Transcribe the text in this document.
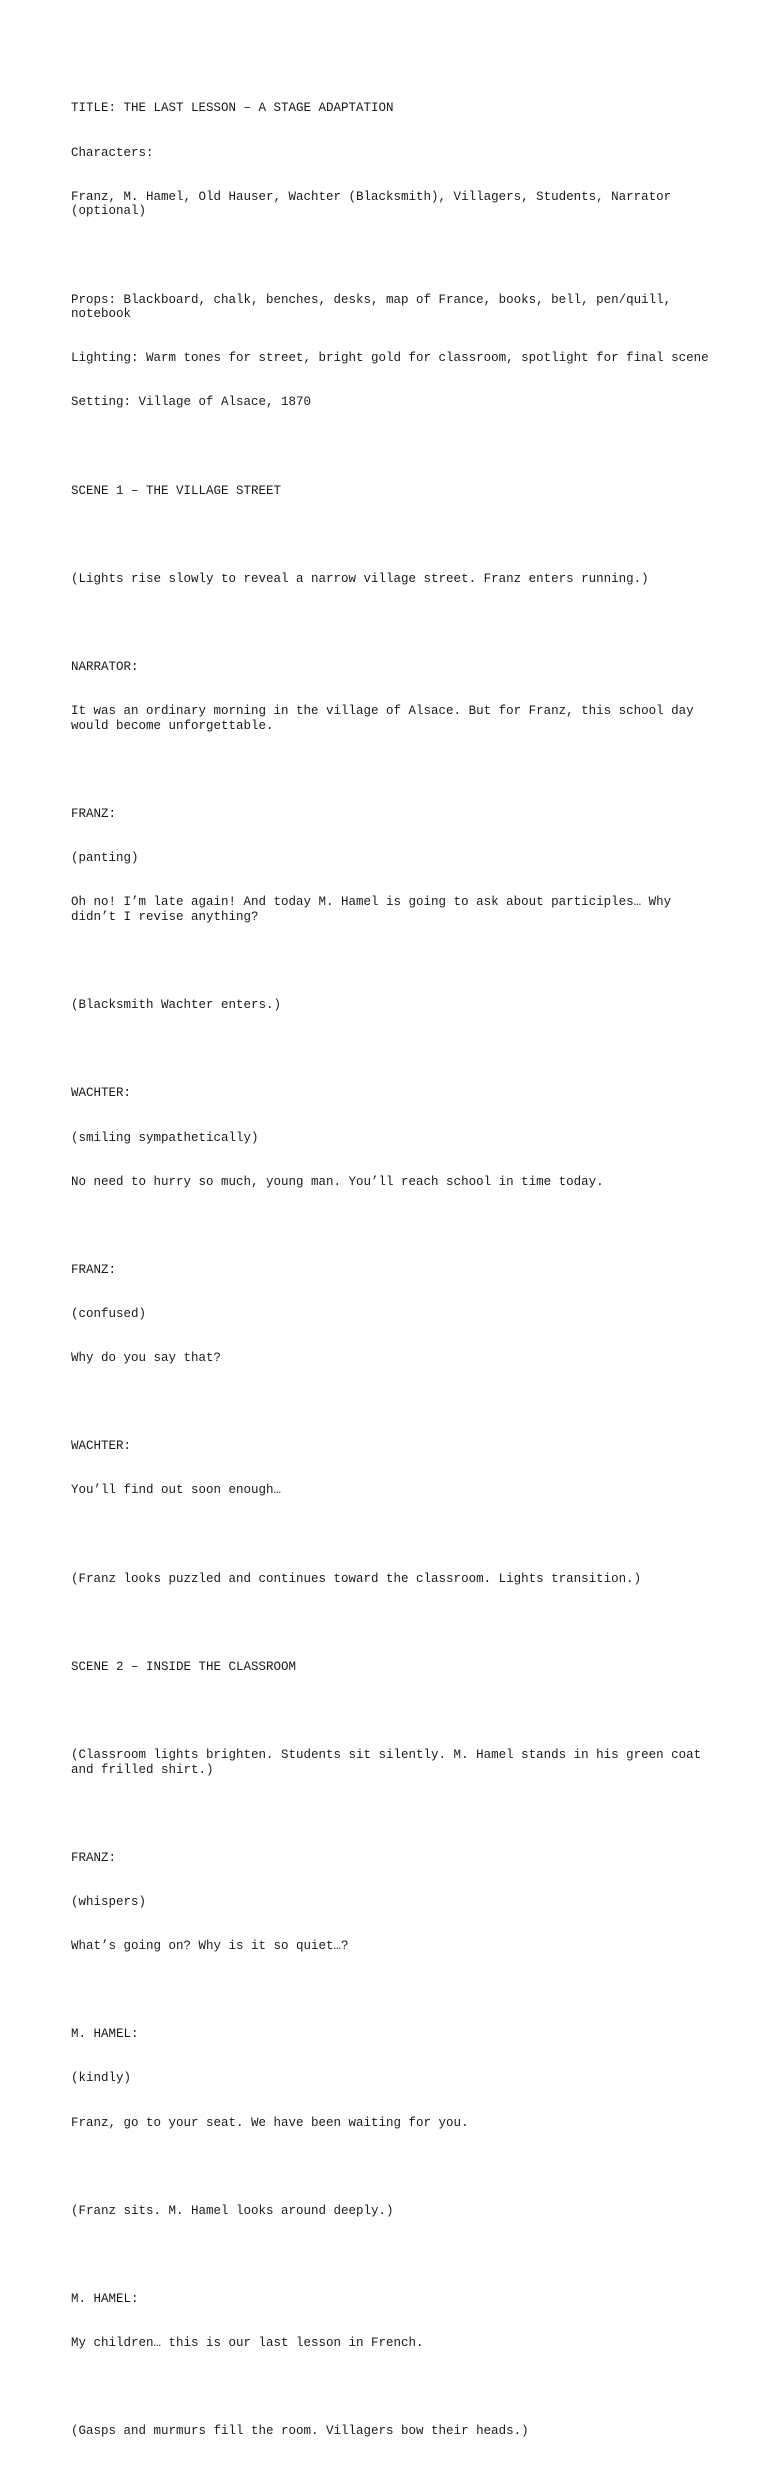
TITLE: THE LAST LESSON – A STAGE ADAPTATION

Characters:

Franz, M. Hamel, Old Hauser, Wachter (Blacksmith), Villagers, Students, Narrator (optional)

Props: Blackboard, chalk, benches, desks, map of France, books, bell, pen/quill, notebook

Lighting: Warm tones for street, bright gold for classroom, spotlight for final scene

Setting: Village of Alsace, 1870

SCENE 1 – THE VILLAGE STREET

(Lights rise slowly to reveal a narrow village street. Franz enters running.)

NARRATOR:

It was an ordinary morning in the village of Alsace. But for Franz, this school day would become unforgettable.

FRANZ:

(panting)

Oh no! I’m late again! And today M. Hamel is going to ask about participles… Why didn’t I revise anything?

(Blacksmith Wachter enters.)

WACHTER:

(smiling sympathetically)

No need to hurry so much, young man. You’ll reach school in time today.

FRANZ:

(confused)

Why do you say that?

WACHTER:

You’ll find out soon enough…

(Franz looks puzzled and continues toward the classroom. Lights transition.)

SCENE 2 – INSIDE THE CLASSROOM

(Classroom lights brighten. Students sit silently. M. Hamel stands in his green coat and frilled shirt.)

FRANZ:

(whispers)

What’s going on? Why is it so quiet…?

M. HAMEL:

(kindly)

Franz, go to your seat. We have been waiting for you.

(Franz sits. M. Hamel looks around deeply.)

M. HAMEL:

My children… this is our last lesson in French.

(Gasps and murmurs fill the room. Villagers bow their heads.)
